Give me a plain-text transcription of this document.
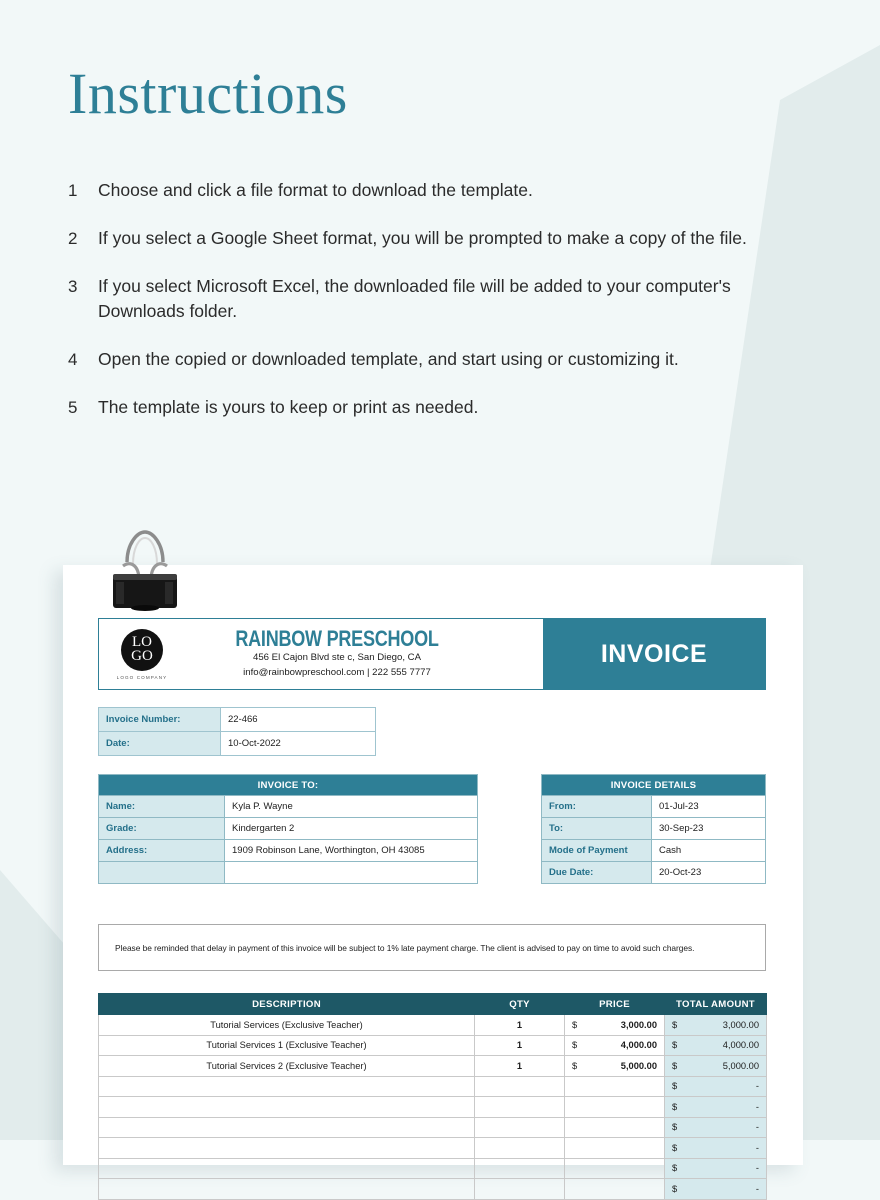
Instructions
1	Choose and click a file format to download the template.
2	If you select a Google Sheet format, you will be prompted to make a copy of the file.
3	If you select Microsoft Excel, the downloaded file will be added to your computer's Downloads folder.
4	Open the copied or downloaded template, and start using or customizing it.
5	The template is yours to keep or print as needed.
LO
GO
LOGO COMPANY
RAINBOW PRESCHOOL
456 El Cajon Blvd ste c, San Diego, CA
info@rainbowpreschool.com | 222 555 7777
INVOICE
Invoice Number:	22-466
Date:	10-Oct-2022
INVOICE TO:	
Name:	Kyla P. Wayne
Grade:	Kindergarten 2
Address:	1909 Robinson Lane, Worthington, OH 43085

INVOICE DETAILS	
From:	01-Jul-23
To:	30-Sep-23
Mode of Payment	Cash
Due Date:	20-Oct-23
Please be reminded that delay in payment of this invoice will be subject to 1% late payment charge. The client is advised to pay on time to avoid such charges.
DESCRIPTION	QTY	PRICE	TOTAL AMOUNT
Tutorial Services (Exclusive Teacher)	1	$ 3,000.00	$ 3,000.00

Tutorial Services 1 (Exclusive Teacher)	1	$ 4,000.00	$ 4,000.00

Tutorial Services 2 (Exclusive Teacher)	1	$ 5,000.00	$ 5,000.00

			$ -

			$ -

			$ -

			$ -

			$ -

			$ -
